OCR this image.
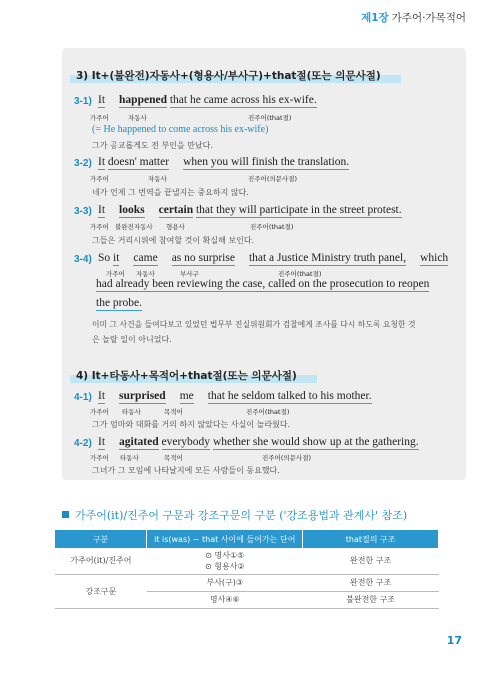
제1장 가주어·가목적어
3) It+(불완전)자동사+(형용사/부사구)+that절(또는 의문사절)
3-1) It happened that he came across his ex-wife.
가주어	자동사	진주어(that절)
(= He happened to come across his ex-wife)
그가 공교롭게도 전 부인을 만났다.
3-2) It doesn' matter when you will finish the translation.
가주어	자동사	진주어(의문사절)
네가 언제 그 번역을 끝낼지는 중요하지 않다.
3-3) It looks certain that they will participate in the street protest.
가주어 불완전자동사 형용사	진주어(that절)
그들은 거리시위에 참여할 것이 확실해 보인다.
3-4) So it came as no surprise that a Justice Ministry truth panel, which
가주어 자동사	부사구	진주어(that절)
had already been reviewing the case, called on the prosecution to reopen
the probe.
이미 그 사건을 들여다보고 있었던 법무부 진실위원회가 검찰에게 조사를 다시 하도록 요청한 것
은 놀랄 일이 아니었다.
4) It+타동사+목적어+that절(또는 의문사절)
4-1) It surprised me that he seldom talked to his mother.
가주어 타동사	목적어	진주어(that절)
그가 엄마와 대화를 거의 하지 않았다는 사실이 놀라웠다.
4-2) It agitated everybody whether she would show up at the gathering.
가주어 타동사	목적어	진주어(의문사절)
그녀가 그 모임에 나타날지에 모든 사람들이 동요했다.
가주어(it)/진주어 구문과 강조구문의 구분 ('강조용법과 관계사' 참조)
구분	it is(was) ~ that 사이에 들어가는 단어	that절의 구조
가주어(it)/진주어	⊙ 명사①⑤
⊙ 형용사②	완전한 구조
강조구문	부사(구)③	완전한 구조
	명사④⑥	불완전한 구조
17
